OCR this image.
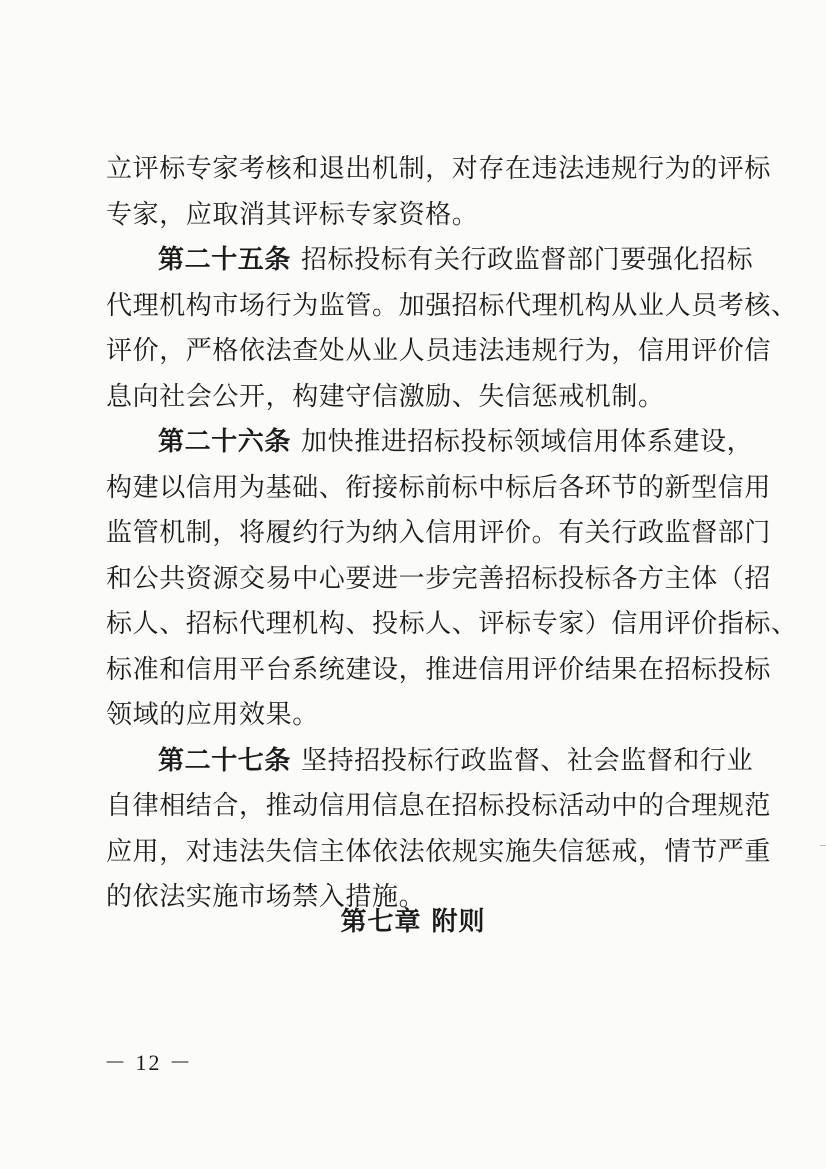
立评标专家考核和退出机制，对存在违法违规行为的评标
专家，应取消其评标专家资格。
第二十五条 招标投标有关行政监督部门要强化招标
代理机构市场行为监管。加强招标代理机构从业人员考核、
评价，严格依法查处从业人员违法违规行为，信用评价信
息向社会公开，构建守信激励、失信惩戒机制。
第二十六条 加快推进招标投标领域信用体系建设，
构建以信用为基础、衔接标前标中标后各环节的新型信用
监管机制，将履约行为纳入信用评价。有关行政监督部门
和公共资源交易中心要进一步完善招标投标各方主体（招
标人、招标代理机构、投标人、评标专家）信用评价指标、
标准和信用平台系统建设，推进信用评价结果在招标投标
领域的应用效果。
第二十七条 坚持招投标行政监督、社会监督和行业
自律相结合，推动信用信息在招标投标活动中的合理规范
应用，对违法失信主体依法依规实施失信惩戒，情节严重
的依法实施市场禁入措施。
第七章 附则
－ 12 －
